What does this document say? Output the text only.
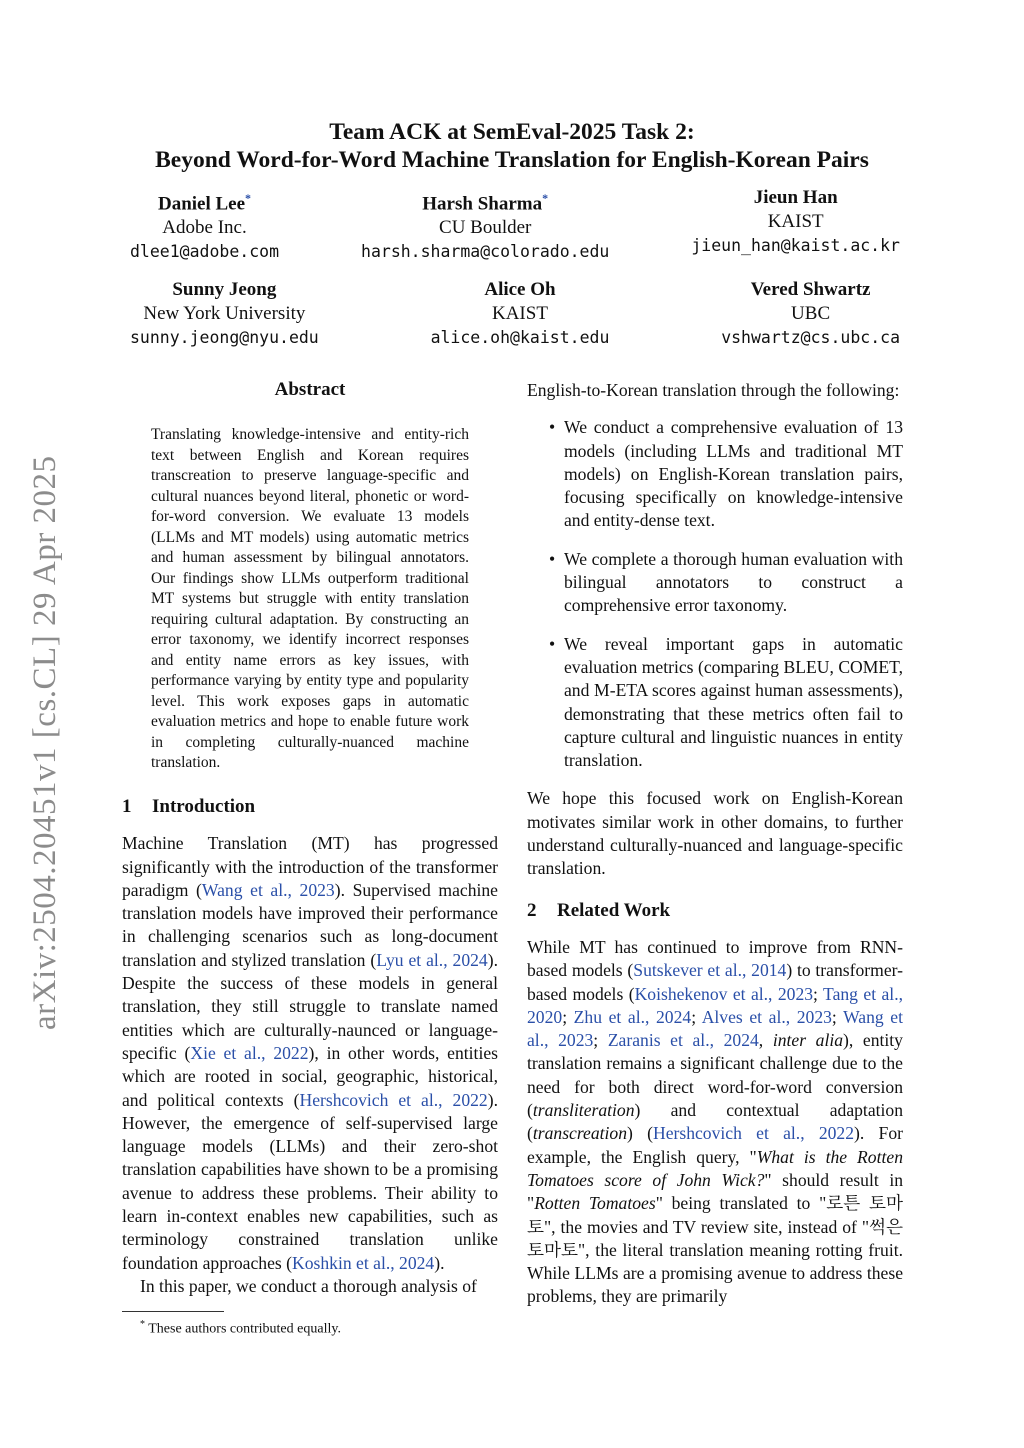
arXiv:2504.20451v1 [cs.CL] 29 Apr 2025
Team ACK at SemEval-2025 Task 2:
Beyond Word-for-Word Machine Translation for English-Korean Pairs
Daniel Lee*
Adobe Inc.
dlee1@adobe.com
Harsh Sharma*
CU Boulder
harsh.sharma@colorado.edu
Jieun Han
KAIST
jieun_han@kaist.ac.kr
Sunny Jeong
New York University
sunny.jeong@nyu.edu
Alice Oh
KAIST
alice.oh@kaist.edu
Vered Shwartz
UBC
vshwartz@cs.ubc.ca
Abstract
Translating knowledge-intensive and entity-rich text between English and Korean requires transcreation to preserve language-specific and cultural nuances beyond literal, phonetic or word-for-word conversion. We evaluate 13 models (LLMs and MT models) using automatic metrics and human assessment by bilingual annotators. Our findings show LLMs outperform traditional MT systems but struggle with entity translation requiring cultural adaptation. By constructing an error taxonomy, we identify incorrect responses and entity name errors as key issues, with performance varying by entity type and popularity level. This work exposes gaps in automatic evaluation metrics and hope to enable future work in completing culturally-nuanced machine translation.
1 Introduction

Machine Translation (MT) has progressed significantly with the introduction of the transformer paradigm (Wang et al., 2023). Supervised machine translation models have improved their performance in challenging scenarios such as long-document translation and stylized translation (Lyu et al., 2024). Despite the success of these models in general translation, they still struggle to translate named entities which are culturally-naunced or language-specific (Xie et al., 2022), in other words, entities which are rooted in social, geographic, historical, and political contexts (Hershcovich et al., 2022). However, the emergence of self-supervised large language models (LLMs) and their zero-shot translation capabilities have shown to be a promising avenue to address these problems. Their ability to learn in-context enables new capabilities, such as terminology constrained translation unlike foundation approaches (Koshkin et al., 2024).

In this paper, we conduct a thorough analysis of

* These authors contributed equally.

English-to-Korean translation through the following:

• We conduct a comprehensive evaluation of 13 models (including LLMs and traditional MT models) on English-Korean translation pairs, focusing specifically on knowledge-intensive and entity-dense text.
• We complete a thorough human evaluation with bilingual annotators to construct a comprehensive error taxonomy.
• We reveal important gaps in automatic evaluation metrics (comparing BLEU, COMET, and M-ETA scores against human assessments), demonstrating that these metrics often fail to capture cultural and linguistic nuances in entity translation.

We hope this focused work on English-Korean motivates similar work in other domains, to further understand culturally-nuanced and language-specific translation.

2 Related Work

While MT has continued to improve from RNN-based models (Sutskever et al., 2014) to transformer-based models (Koishekenov et al., 2023; Tang et al., 2020; Zhu et al., 2024; Alves et al., 2023; Wang et al., 2023; Zaranis et al., 2024, inter alia), entity translation remains a significant challenge due to the need for both direct word-for-word conversion (transliteration) and contextual adaptation (transcreation) (Hershcovich et al., 2022). For example, the English query, "What is the Rotten Tomatoes score of John Wick?" should result in "Rotten Tomatoes" being translated to "로튼 토마토", the movies and TV review site, instead of "썩은 토마토", the literal translation meaning rotting fruit. While LLMs are a promising avenue to address these problems, they are primarily
